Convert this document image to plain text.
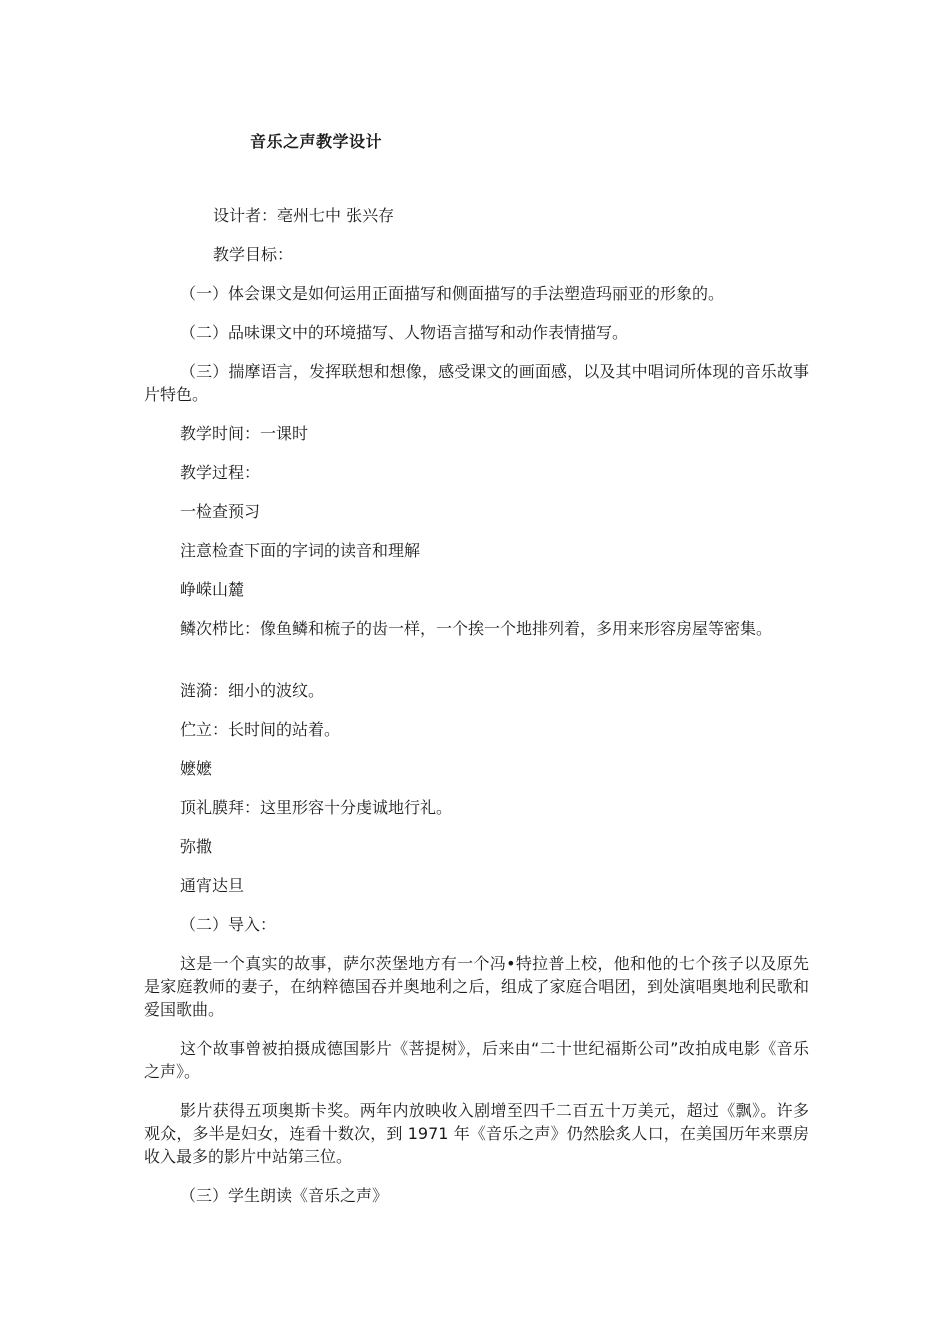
音乐之声教学设计
设计者：亳州七中 张兴存
教学目标：
（一）体会课文是如何运用正面描写和侧面描写的手法塑造玛丽亚的形象的。
（二）品味课文中的环境描写、人物语言描写和动作表情描写。
（三）揣摩语言，发挥联想和想像，感受课文的画面感，以及其中唱词所体现的音乐故事片特色。
教学时间：一课时
教学过程：
一检查预习
注意检查下面的字词的读音和理解
峥嵘山麓
鳞次栉比：像鱼鳞和梳子的齿一样，一个挨一个地排列着，多用来形容房屋等密集。
涟漪：细小的波纹。
伫立：长时间的站着。
嬷嬷
顶礼膜拜：这里形容十分虔诚地行礼。
弥撒
通宵达旦
（二）导入：
这是一个真实的故事，萨尔茨堡地方有一个冯•特拉普上校，他和他的七个孩子以及原先是家庭教师的妻子，在纳粹德国吞并奥地利之后，组成了家庭合唱团，到处演唱奥地利民歌和爱国歌曲。
这个故事曾被拍摄成德国影片《菩提树》，后来由“二十世纪福斯公司”改拍成电影《音乐之声》。
影片获得五项奥斯卡奖。两年内放映收入剧增至四千二百五十万美元，超过《飘》。许多观众，多半是妇女，连看十数次，到 1971 年《音乐之声》仍然脍炙人口，在美国历年来票房收入最多的影片中站第三位。
（三）学生朗读《音乐之声》
